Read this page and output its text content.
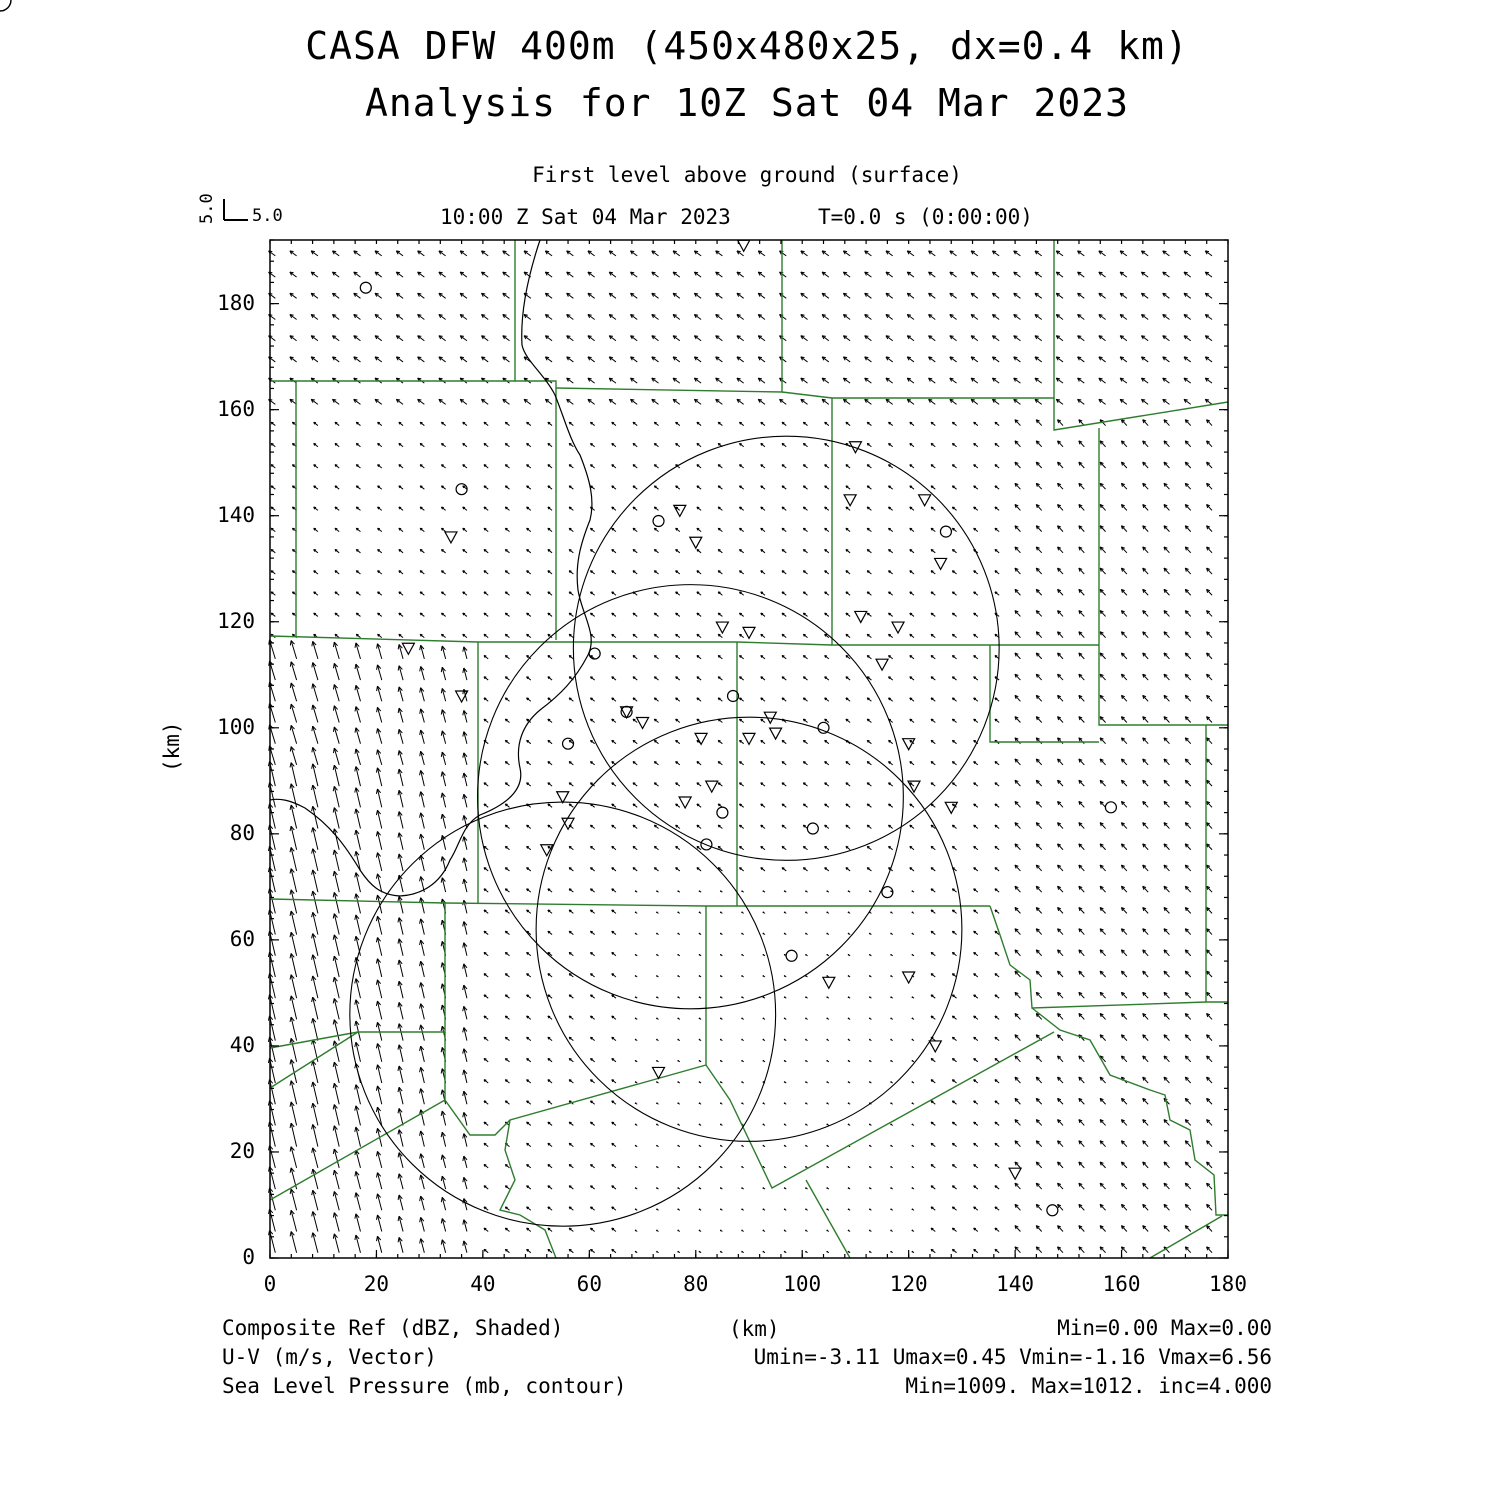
CASA DFW 400m (450x480x25, dx=0.4 km)
Analysis for 10Z Sat 04 Mar 2023
First level above ground (surface)
10:00 Z Sat 04 Mar 2023	T=0.0 s (0:00:00)
5.0
5.0
(km)
(km)
0	20	40	60	80	100	120	140	160	180
0
20
40
60
80
100
120
140
160
180
Composite Ref (dBZ, Shaded)	Min=0.00 Max=0.00
U-V (m/s, Vector)	Umin=-3.11 Umax=0.45 Vmin=-1.16 Vmax=6.56
Sea Level Pressure (mb, contour)	Min=1009. Max=1012. inc=4.000
